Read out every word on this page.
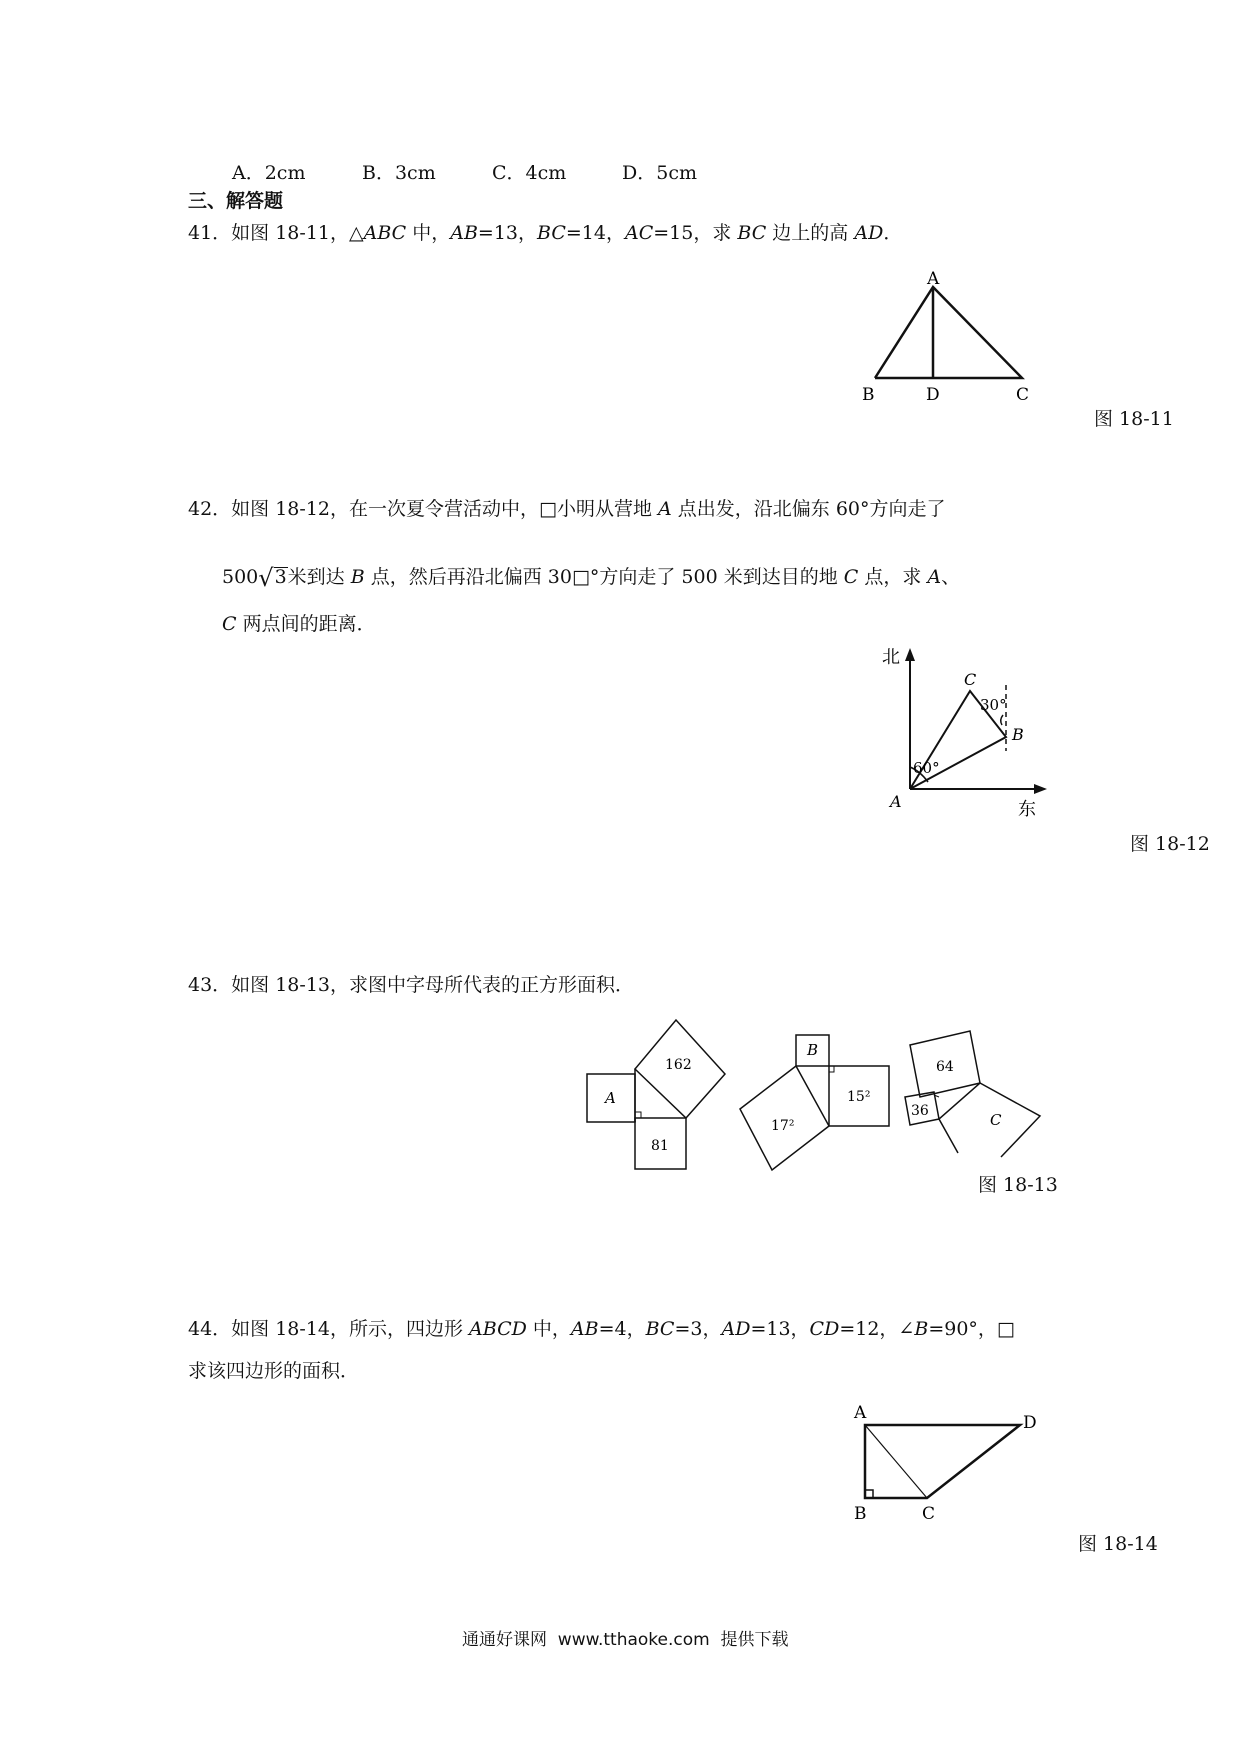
A．2cm	B．3cm	C．4cm	D．5cm
三、解答题
41．如图 18-11，△ABC 中，AB=13，BC=14，AC=15，求 BC 边上的高 AD．
A
B	D	C
图 18-11
42．如图 18-12，在一次夏令营活动中，□小明从营地 A 点出发，沿北偏东 60°方向走了
500√3米到达 B 点，然后再沿北偏西 30□°方向走了 500 米到达目的地 C 点，求 A、
C 两点间的距离．
北
东
A
B
C
60°
30°
图 18-12
43．如图 18-13，求图中字母所代表的正方形面积．
A
162
81
B
17²
15²
64
36	C
图 18-13
44．如图 18-14，所示，四边形 ABCD 中，AB=4，BC=3，AD=13，CD=12，∠B=90°，□
求该四边形的面积．
A
B	C
D
图 18-14
通通好课网  www.tthaoke.com  提供下载
